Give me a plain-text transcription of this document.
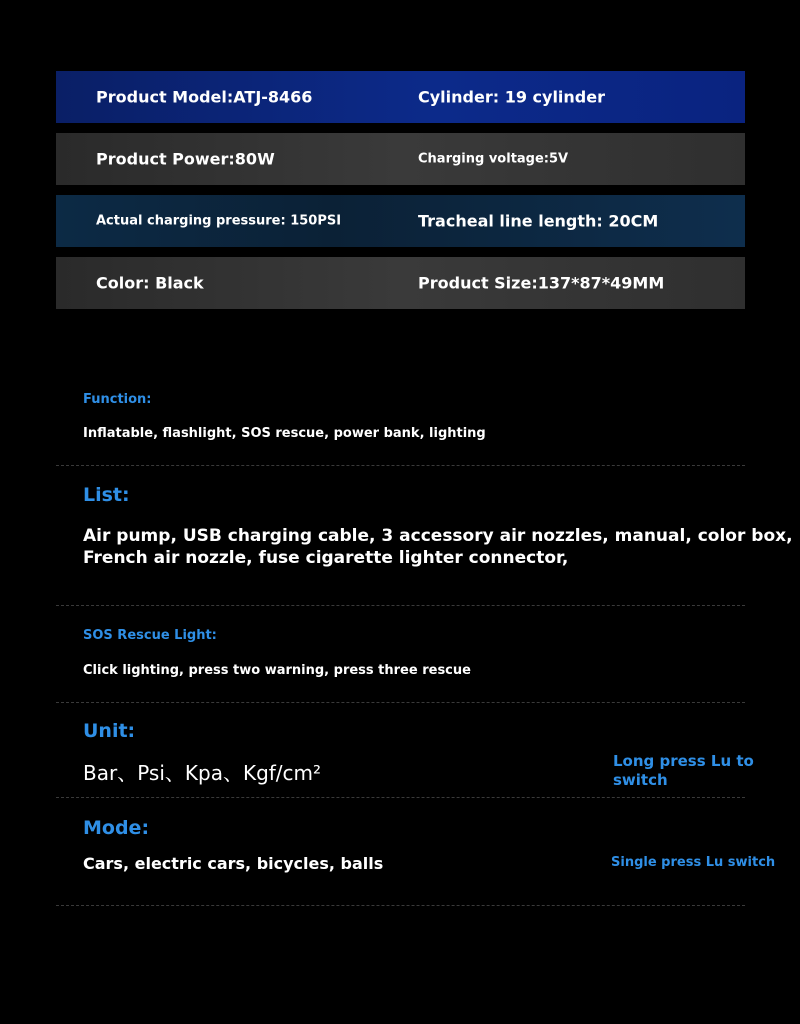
Product Model:ATJ-8466	Cylinder: 19 cylinder
Product Power:80W	Charging voltage:5V
Actual charging pressure: 150PSI	Tracheal line length: 20CM
Color: Black	Product Size:137*87*49MM
Function:
Inflatable, flashlight, SOS rescue, power bank, lighting
List:
Air pump, USB charging cable, 3 accessory air nozzles, manual, color box,
French air nozzle, fuse cigarette lighter connector,
SOS Rescue Light:
Click lighting, press two warning, press three rescue
Unit:
Bar、Psi、Kpa、Kgf/cm²	Long press Lu to
switch
Mode:
Cars, electric cars, bicycles, balls	Single press Lu switch
